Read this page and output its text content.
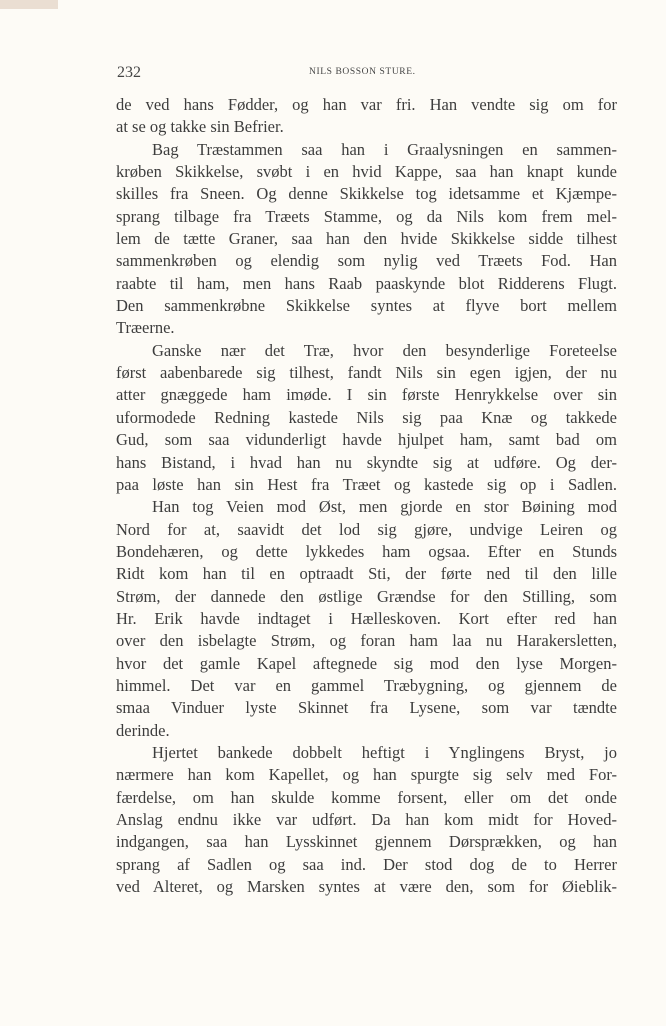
232	NILS BOSSON STURE.
de ved hans Fødder, og han var fri. Han vendte sig om for
at se og takke sin Befrier.
Bag Træstammen saa han i Graalysningen en sammen-
krøben Skikkelse, svøbt i en hvid Kappe, saa han knapt kunde
skilles fra Sneen. Og denne Skikkelse tog idetsamme et Kjæmpe-
sprang tilbage fra Træets Stamme, og da Nils kom frem mel-
lem de tætte Graner, saa han den hvide Skikkelse sidde tilhest
sammenkrøben og elendig som nylig ved Træets Fod. Han
raabte til ham, men hans Raab paaskynde blot Ridderens Flugt.
Den sammenkrøbne Skikkelse syntes at flyve bort mellem
Træerne.
Ganske nær det Træ, hvor den besynderlige Foreteelse
først aabenbarede sig tilhest, fandt Nils sin egen igjen, der nu
atter gnæggede ham imøde. I sin første Henrykkelse over sin
uformodede Redning kastede Nils sig paa Knæ og takkede
Gud, som saa vidunderligt havde hjulpet ham, samt bad om
hans Bistand, i hvad han nu skyndte sig at udføre. Og der-
paa løste han sin Hest fra Træet og kastede sig op i Sadlen.
Han tog Veien mod Øst, men gjorde en stor Bøining mod
Nord for at, saavidt det lod sig gjøre, undvige Leiren og
Bondehæren, og dette lykkedes ham ogsaa. Efter en Stunds
Ridt kom han til en optraadt Sti, der førte ned til den lille
Strøm, der dannede den østlige Grændse for den Stilling, som
Hr. Erik havde indtaget i Hælleskoven. Kort efter red han
over den isbelagte Strøm, og foran ham laa nu Harakersletten,
hvor det gamle Kapel aftegnede sig mod den lyse Morgen-
himmel. Det var en gammel Træbygning, og gjennem de
smaa Vinduer lyste Skinnet fra Lysene, som var tændte
derinde.
Hjertet bankede dobbelt heftigt i Ynglingens Bryst, jo
nærmere han kom Kapellet, og han spurgte sig selv med For-
færdelse, om han skulde komme forsent, eller om det onde
Anslag endnu ikke var udført. Da han kom midt for Hoved-
indgangen, saa han Lysskinnet gjennem Dørsprækken, og han
sprang af Sadlen og saa ind. Der stod dog de to Herrer
ved Alteret, og Marsken syntes at være den, som for Øieblik-
